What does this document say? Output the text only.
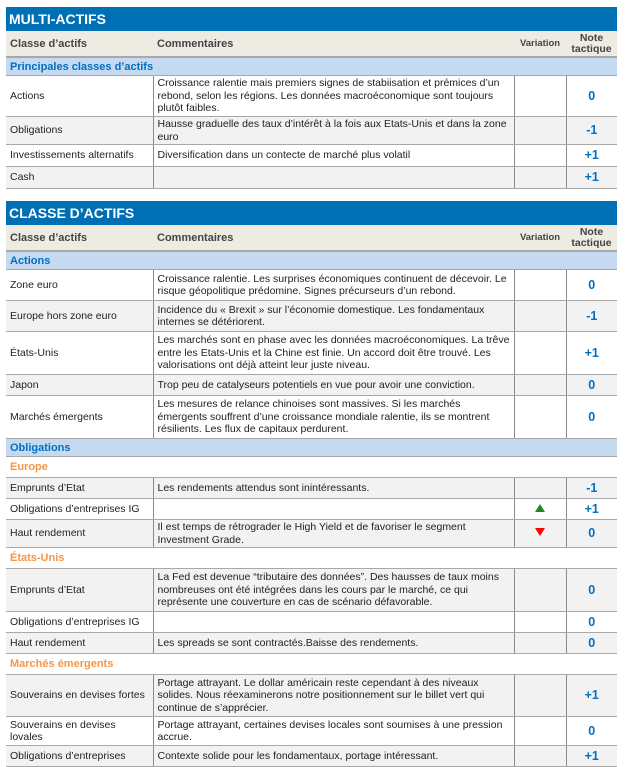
MULTI-ACTIFS
Classe d’actifs	Commentaires	Variation	Note
tactique
Principales classes d’actifs			
Actions	Croissance ralentie mais premiers signes de stabiisation et prémices d’un rebond, selon les régions. Les données macroéconomique sont toujours plutôt faibles.		0
Obligations	Hausse graduelle des taux d’intérêt à la fois aux Etats-Unis et dans la zone euro		-1
Investissements alternatifs	Diversification dans un contecte de marché plus volatil		+1
Cash			+1
CLASSE D’ACTIFS
Classe d’actifs	Commentaires	Variation	Note
tactique
Actions			
Zone euro	Croissance ralentie. Les surprises économiques continuent de décevoir. Le risque géopolitique prédomine. Signes précurseurs d’un rebond.		0
Europe hors zone euro	Incidence du « Brexit » sur l’économie domestique. Les fondamentaux internes se détériorent.		-1
États-Unis	Les marchés sont en phase avec les données macroéconomiques. La trêve entre les Etats-Unis et la Chine est finie. Un accord doit être trouvé. Les valorisations ont déjà atteint leur juste niveau.		+1
Japon	Trop peu de catalyseurs potentiels en vue pour avoir une conviction.		0
Marchés émergents	Les mesures de relance chinoises sont massives. Si les marchés émergents souffrent d’une croissance mondiale ralentie, ils se montrent résilients. Les flux de capitaux perdurent.		0
Obligations			
Europe			
Emprunts d’Etat	Les rendements attendus sont inintéressants.		-1
Obligations d’entreprises IG			+1
Haut rendement	Il est temps de rétrograder le High Yield et de favoriser le segment Investment Grade.		0
États-Unis			
Emprunts d’Etat	La Fed est devenue “tributaire des données”. Des hausses de taux moins nombreuses ont été intégrées dans les cours par le marché, ce qui représente une couverture en cas de scénario défavorable.		0
Obligations d’entreprises IG			0
Haut rendement	Les spreads se sont contractés.Baisse des rendements.		0
Marchés émergents			
Souverains en devises fortes	Portage attrayant. Le dollar américain reste cependant à des niveaux solides. Nous réexaminerons notre positionnement sur le billet vert qui continue de s’apprécier.		+1
Souverains en devises lovales	Portage attrayant, certaines devises locales sont soumises à une pression accrue.		0
Obligations d’entreprises	Contexte solide pour les fondamentaux, portage intéressant.		+1
